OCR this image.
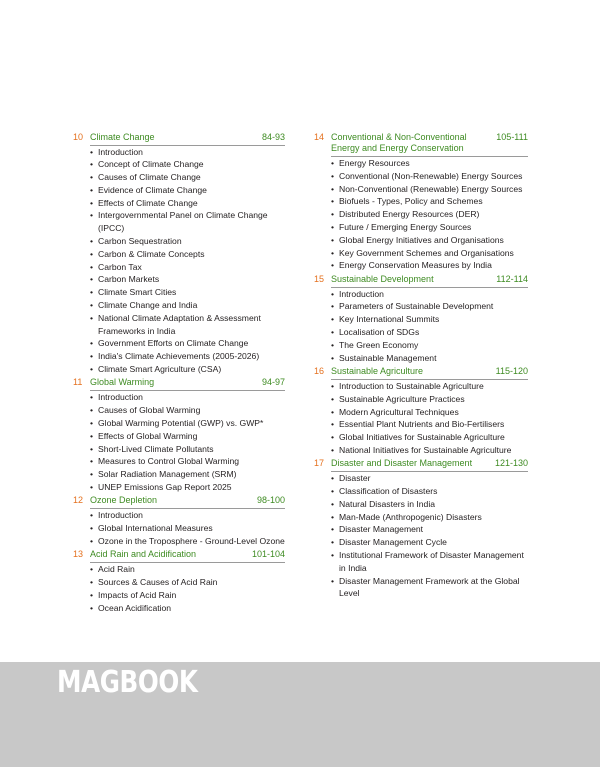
10 Climate Change	84-93
• Introduction
• Concept of Climate Change
• Causes of Climate Change
• Evidence of Climate Change
• Effects of Climate Change
• Intergovernmental Panel on Climate Change (IPCC)
• Carbon Sequestration
• Carbon & Climate Concepts
• Carbon Tax
• Carbon Markets
• Climate Smart Cities
• Climate Change and India
• National Climate Adaptation & Assessment Frameworks in India
• Government Efforts on Climate Change
• India's Climate Achievements (2005-2026)
• Climate Smart Agriculture (CSA)
11 Global Warming	94-97
• Introduction
• Causes of Global Warming
• Global Warming Potential (GWP) vs. GWP*
• Effects of Global Warming
• Short-Lived Climate Pollutants
• Measures to Control Global Warming
• Solar Radiation Management (SRM)
• UNEP Emissions Gap Report 2025
12 Ozone Depletion	98-100
• Introduction
• Global International Measures
• Ozone in the Troposphere - Ground-Level Ozone
13 Acid Rain and Acidification	101-104
• Acid Rain
• Sources & Causes of Acid Rain
• Impacts of Acid Rain
• Ocean Acidification
14 Conventional & Non-Conventional Energy and Energy Conservation
105-111
• Energy Resources
• Conventional (Non-Renewable) Energy Sources
• Non-Conventional (Renewable) Energy Sources
• Biofuels - Types, Policy and Schemes
• Distributed Energy Resources (DER)
• Future / Emerging Energy Sources
• Global Energy Initiatives and Organisations
• Key Government Schemes and Organisations
• Energy Conservation Measures by India
15 Sustainable Development	112-114
• Introduction
• Parameters of Sustainable Development
• Key International Summits
• Localisation of SDGs
• The Green Economy
• Sustainable Management
16 Sustainable Agriculture	115-120
• Introduction to Sustainable Agriculture
• Sustainable Agriculture Practices
• Modern Agricultural Techniques
• Essential Plant Nutrients and Bio-Fertilisers
• Global Initiatives for Sustainable Agriculture
• National Initiatives for Sustainable Agriculture
17 Disaster and Disaster Management	121-130
• Disaster
• Classification of Disasters
• Natural Disasters in India
• Man-Made (Anthropogenic) Disasters
• Disaster Management
• Disaster Management Cycle
• Institutional Framework of Disaster Management in India
• Disaster Management Framework at the Global Level
MAGBOOK
